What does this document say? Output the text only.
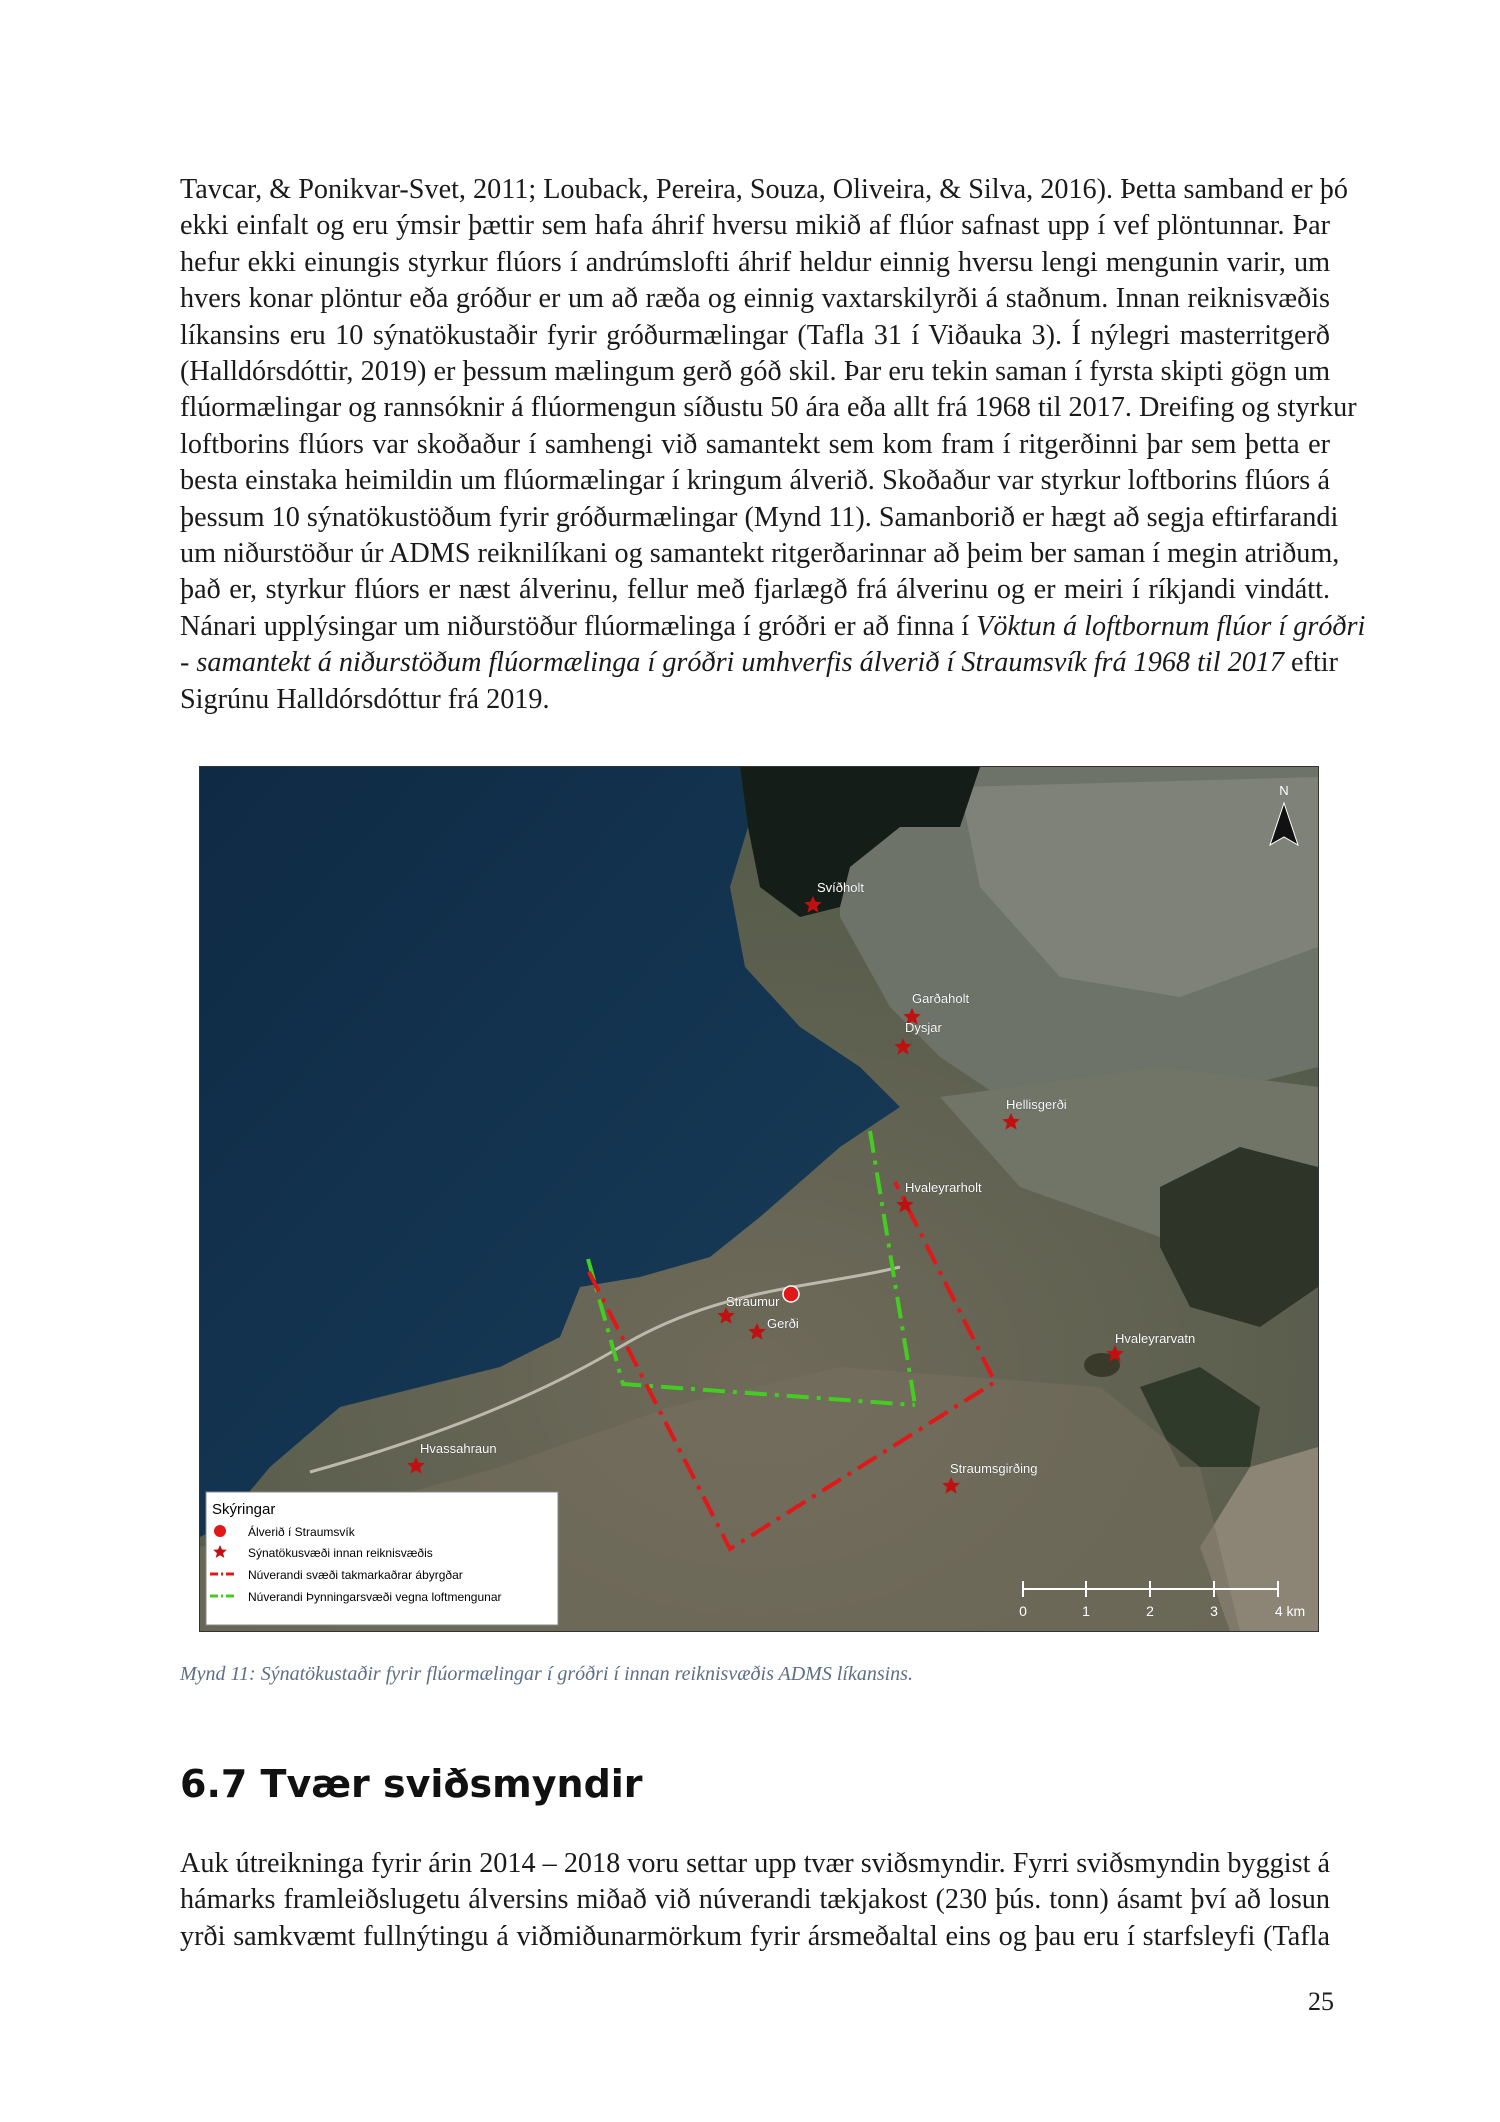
Tavcar, & Ponikvar-Svet, 2011; Louback, Pereira, Souza, Oliveira, & Silva, 2016). Þetta samband er þó
ekki einfalt og eru ýmsir þættir sem hafa áhrif hversu mikið af flúor safnast upp í vef plöntunnar. Þar
hefur ekki einungis styrkur flúors í andrúmslofti áhrif heldur einnig hversu lengi mengunin varir, um
hvers konar plöntur eða gróður er um að ræða og einnig vaxtarskilyrði á staðnum. Innan reiknisvæðis
líkansins eru 10 sýnatökustaðir fyrir gróðurmælingar (Tafla 31 í Viðauka 3). Í nýlegri masterritgerð
(Halldórsdóttir, 2019) er þessum mælingum gerð góð skil. Þar eru tekin saman í fyrsta skipti gögn um
flúormælingar og rannsóknir á flúormengun síðustu 50 ára eða allt frá 1968 til 2017. Dreifing og styrkur
loftborins flúors var skoðaður í samhengi við samantekt sem kom fram í ritgerðinni þar sem þetta er
besta einstaka heimildin um flúormælingar í kringum álverið. Skoðaður var styrkur loftborins flúors á
þessum 10 sýnatökustöðum fyrir gróðurmælingar (Mynd 11). Samanborið er hægt að segja eftirfarandi
um niðurstöður úr ADMS reiknilíkani og samantekt ritgerðarinnar að þeim ber saman í megin atriðum,
það er, styrkur flúors er næst álverinu, fellur með fjarlægð frá álverinu og er meiri í ríkjandi vindátt.
Nánari upplýsingar um niðurstöður flúormælinga í gróðri er að finna í Vöktun á loftbornum flúor í gróðri
- samantekt á niðurstöðum flúormælinga í gróðri umhverfis álverið í Straumsvík frá 1968 til 2017 eftir
Sigrúnu Halldórsdóttur frá 2019.
Svíðholt
Garðaholt
Dysjar
Hellisgerði
Hvaleyrarholt
Straumur
Gerði
Hvaleyrarvatn
Hvassahraun
Straumsgirðing
N
Skýringar
Álverið í Straumsvík
Sýnatökusvæði innan reiknisvæðis
Núverandi svæði takmarkaðrar ábyrgðar
Núverandi Þynningarsvæði vegna loftmengunar
0	1	2	3	4 km
Mynd 11: Sýnatökustaðir fyrir flúormælingar í gróðri í innan reiknisvæðis ADMS líkansins.
6.7 Tvær sviðsmyndir
Auk útreikninga fyrir árin 2014 – 2018 voru settar upp tvær sviðsmyndir. Fyrri sviðsmyndin byggist á
hámarks framleiðslugetu álversins miðað við núverandi tækjakost (230 þús. tonn) ásamt því að losun
yrði samkvæmt fullnýtingu á viðmiðunarmörkum fyrir ársmeðaltal eins og þau eru í starfsleyfi (Tafla
25
